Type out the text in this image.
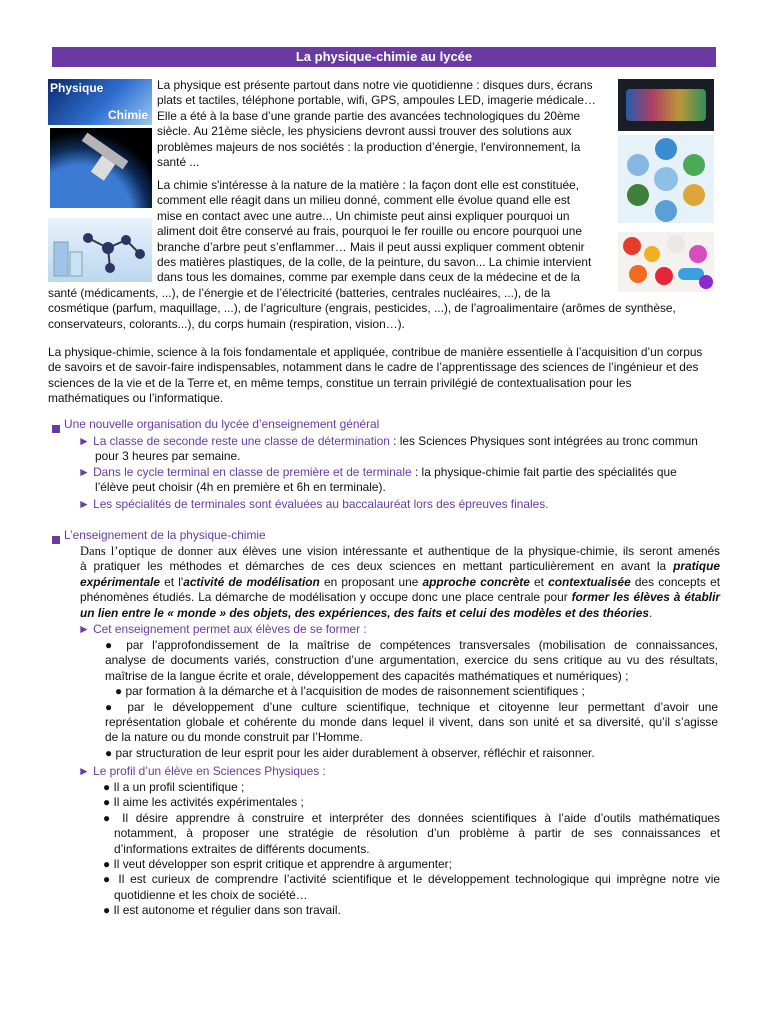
La physique-chimie au lycée
Physique
Chimie
La physique est présente partout dans notre vie quotidienne : disques durs, écrans
plats et tactiles, téléphone portable, wifi, GPS, ampoules LED, imagerie médicale…
Elle a été à la base d’une grande partie des avancées technologiques du 20ème
siècle. Au 21ème siècle, les physiciens devront aussi trouver des solutions aux
problèmes majeurs de nos sociétés : la production d’énergie, l'environnement, la
santé ...
La chimie s'intéresse à la nature de la matière : la façon dont elle est constituée,
comment elle réagit dans un milieu donné, comment elle évolue quand elle est
mise en contact avec une autre... Un chimiste peut ainsi expliquer pourquoi un
aliment doit être conservé au frais, pourquoi le fer rouille ou encore pourquoi une
branche d’arbre peut s’enflammer… Mais il peut aussi expliquer comment obtenir
des matières plastiques, de la colle, de la peinture, du savon... La chimie intervient
dans tous les domaines, comme par exemple dans ceux de la médecine et de la
santé (médicaments, ...), de l’énergie et de l’électricité (batteries, centrales nucléaires, ...), de la
cosmétique (parfum, maquillage, ...), de l’agriculture (engrais, pesticides, ...), de l’agroalimentaire (arômes de synthèse,
conservateurs, colorants...), du corps humain (respiration, vision…).
La physique-chimie, science à la fois fondamentale et appliquée, contribue de manière essentielle à l’acquisition d’un corpus
de savoirs et de savoir-faire indispensables, notamment dans le cadre de l’apprentissage des sciences de l’ingénieur et des
sciences de la vie et de la Terre et, en même temps, constitue un terrain privilégié de contextualisation pour les
mathématiques ou l’informatique.
Une nouvelle organisation du lycée d’enseignement général
► La classe de seconde reste une classe de détermination : les Sciences Physiques sont intégrées au tronc commun
pour 3 heures par semaine.
► Dans le cycle terminal en classe de première et de terminale : la physique-chimie fait partie des spécialités que
l’élève peut choisir (4h en première et 6h en terminale).
► Les spécialités de terminales sont évaluées au baccalauréat lors des épreuves finales.
L’enseignement de la physique-chimie
Dans l’optique de donner aux élèves une vision intéressante et authentique de la physique-chimie, ils seront amenés
à pratiquer les méthodes et démarches de ces deux sciences en mettant particulièrement en avant la pratique
expérimentale et l'activité de modélisation en proposant une approche concrète et contextualisée des concepts et
phénomènes étudiés. La démarche de modélisation y occupe donc une place centrale pour former les élèves à établir
un lien entre le « monde » des objets, des expériences, des faits et celui des modèles et des théories.
► Cet enseignement permet aux élèves de se former :
● par l’approfondissement de la maîtrise de compétences transversales (mobilisation de connaissances,
analyse de documents variés, construction d’une argumentation, exercice du sens critique au vu des résultats,
maîtrise de la langue écrite et orale, développement des capacités mathématiques et numériques) ;
● par formation à la démarche et à l’acquisition de modes de raisonnement scientifiques ;
● par le développement d’une culture scientifique, technique et citoyenne leur permettant d’avoir une
représentation globale et cohérente du monde dans lequel il vivent, dans son unité et sa diversité, qu’il s’agisse
de la nature ou du monde construit par l’Homme.
● par structuration de leur esprit pour les aider durablement à observer, réfléchir et raisonner.
► Le profil d’un élève en Sciences Physiques :
● Il a un profil scientifique ;
● Il aime les activités expérimentales ;
● Il désire apprendre à construire et interpréter des données scientifiques à l’aide d’outils mathématiques
notamment, à proposer une stratégie de résolution d’un problème à partir de ses connaissances et
d’informations extraites de différents documents.
● Il veut développer son esprit critique et apprendre à argumenter;
● Il est curieux de comprendre l’activité scientifique et le développement technologique qui imprègne notre vie
quotidienne et les choix de société…
● Il est autonome et régulier dans son travail.
